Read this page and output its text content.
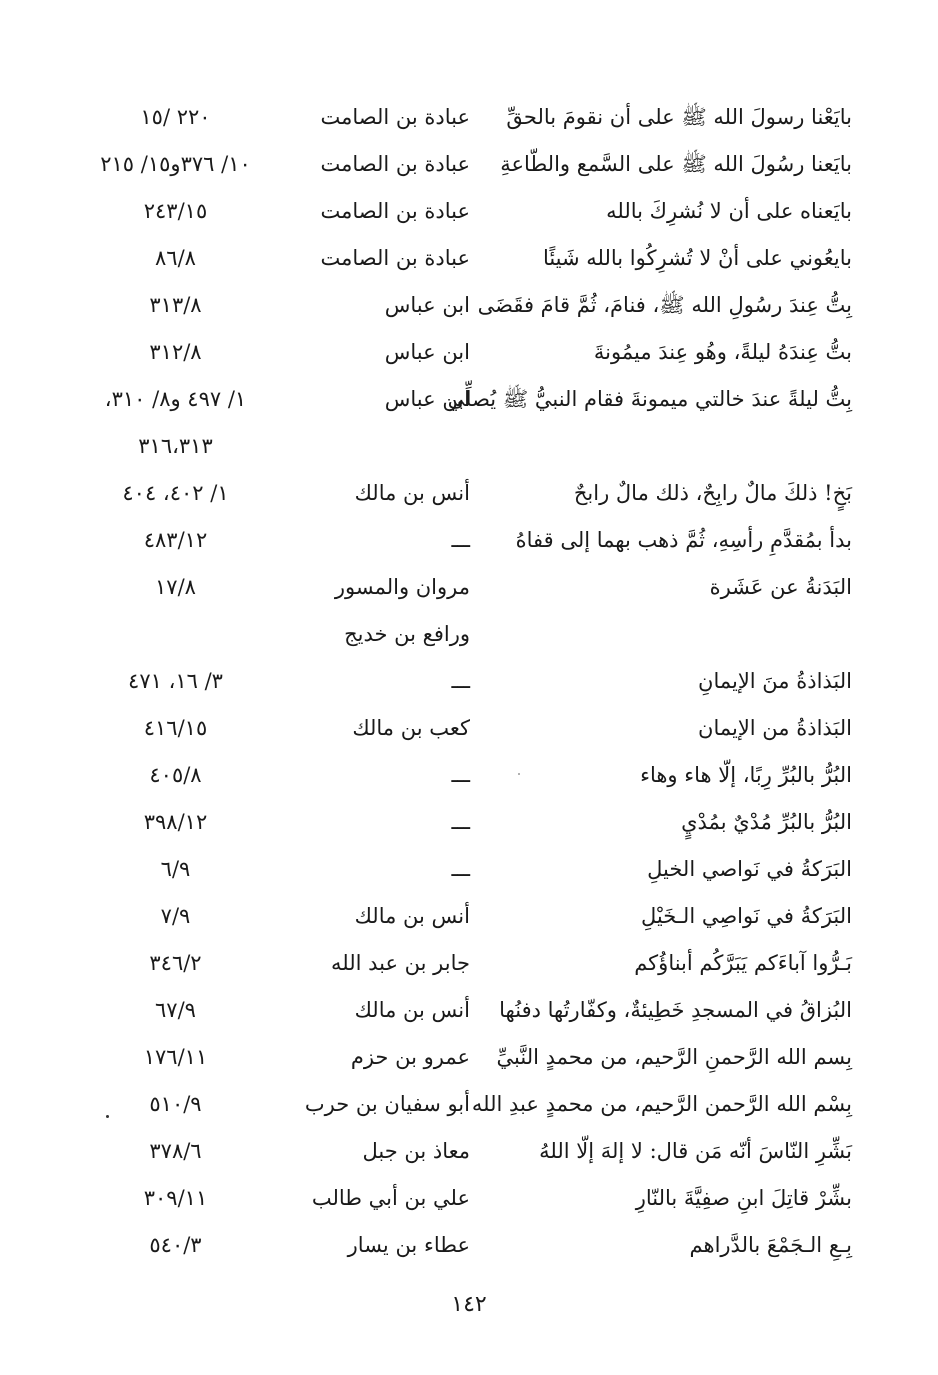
بايَعْنا رسولَ الله ﷺ على أن نقومَ بالحقِّ
عبادة بن الصامت
٢٢٠ /١٥
بايَعنا رسُولَ الله ﷺ على السَّمع والطّاعةِ
عبادة بن الصامت
١٠/ ٣٧٦و١٥/ ٢١٥
بايَعناه على أن لا نُشرِكَ بالله
عبادة بن الصامت
٢٤٣/١٥
بايعُوني على أنْ لا تُشرِكُوا بالله شَيئًا
عبادة بن الصامت
٨٦/٨
بِتُّ عِندَ رسُولِ الله ﷺ، فنامَ، ثُمَّ قامَ فقَضَى
ابن عباس
٣١٣/٨
بتُّ عِندَهُ ليلةً، وهُو عِندَ ميمُونةَ
ابن عباس
٣١٢/٨
بِتُّ ليلةً عندَ خالتي ميمونةَ فقام النبيُّ ﷺ يُصلِّي
ابن عباس
١/ ٤٩٧ و٨/ ٣١٠،
٣١٦،٣١٣
بَخٍ! ذلكَ مالٌ رابِحٌ، ذلك مالٌ رابحٌ
أنس بن مالك
١/ ٤٠٢، ٤٠٤
بدأ بمُقدَّمِ رأسِهِ، ثُمَّ ذهب بهما إلى قفاهُ
ـــ
٤٨٣/١٢
البَدَنةُ عن عَشَرة
مروان والمسور
١٧/٨
ورافع بن خديج
البَذاذةُ منَ الإيمانِ
ـــ
٣/ ١٦، ٤٧١
البَذاذةُ من الإيمان
كعب بن مالك
٤١٦/١٥
البُرُّ بالبُرِّ رِبًا، إلّا هاء وهاء
ـــ
٤٠٥/٨
البُرُّ بالبُرِّ مُدْيٌ بمُدْيٍ
ـــ
٣٩٨/١٢
البَرَكةُ في نَواصي الخيلِ
ـــ
٦/٩
البَرَكةُ في نَواصِي الـخَيْلِ
أنس بن مالك
٧/٩
بَـرُّوا آباءَكم يَبَرَّكُم أبناؤُكم
جابر بن عبد الله
٣٤٦/٢
البُزاقُ في المسجدِ خَطِيئةٌ، وكفّارتُها دفنُها
أنس بن مالك
٦٧/٩
بِسم الله الرَّحمنِ الرَّحيم، من محمدٍ النَّبيِّ
عمرو بن حزم
١٧٦/١١
بِسْم الله الرَّحمن الرَّحيم، من محمدٍ عبدِ الله
أبو سفيان بن حرب
٥١٠/٩
بَشِّرِ النّاسَ أنّه مَن قال: لا إلهَ إلّا اللهُ
معاذ بن جبل
٣٧٨/٦
بشِّرْ قاتِلَ ابنِ صفِيَّةَ بالنّارِ
علي بن أبي طالب
٣٠٩/١١
بِـعِ الـجَمْعَ بالدَّراهم
عطاء بن يسار
٥٤٠/٣
١٤٢
